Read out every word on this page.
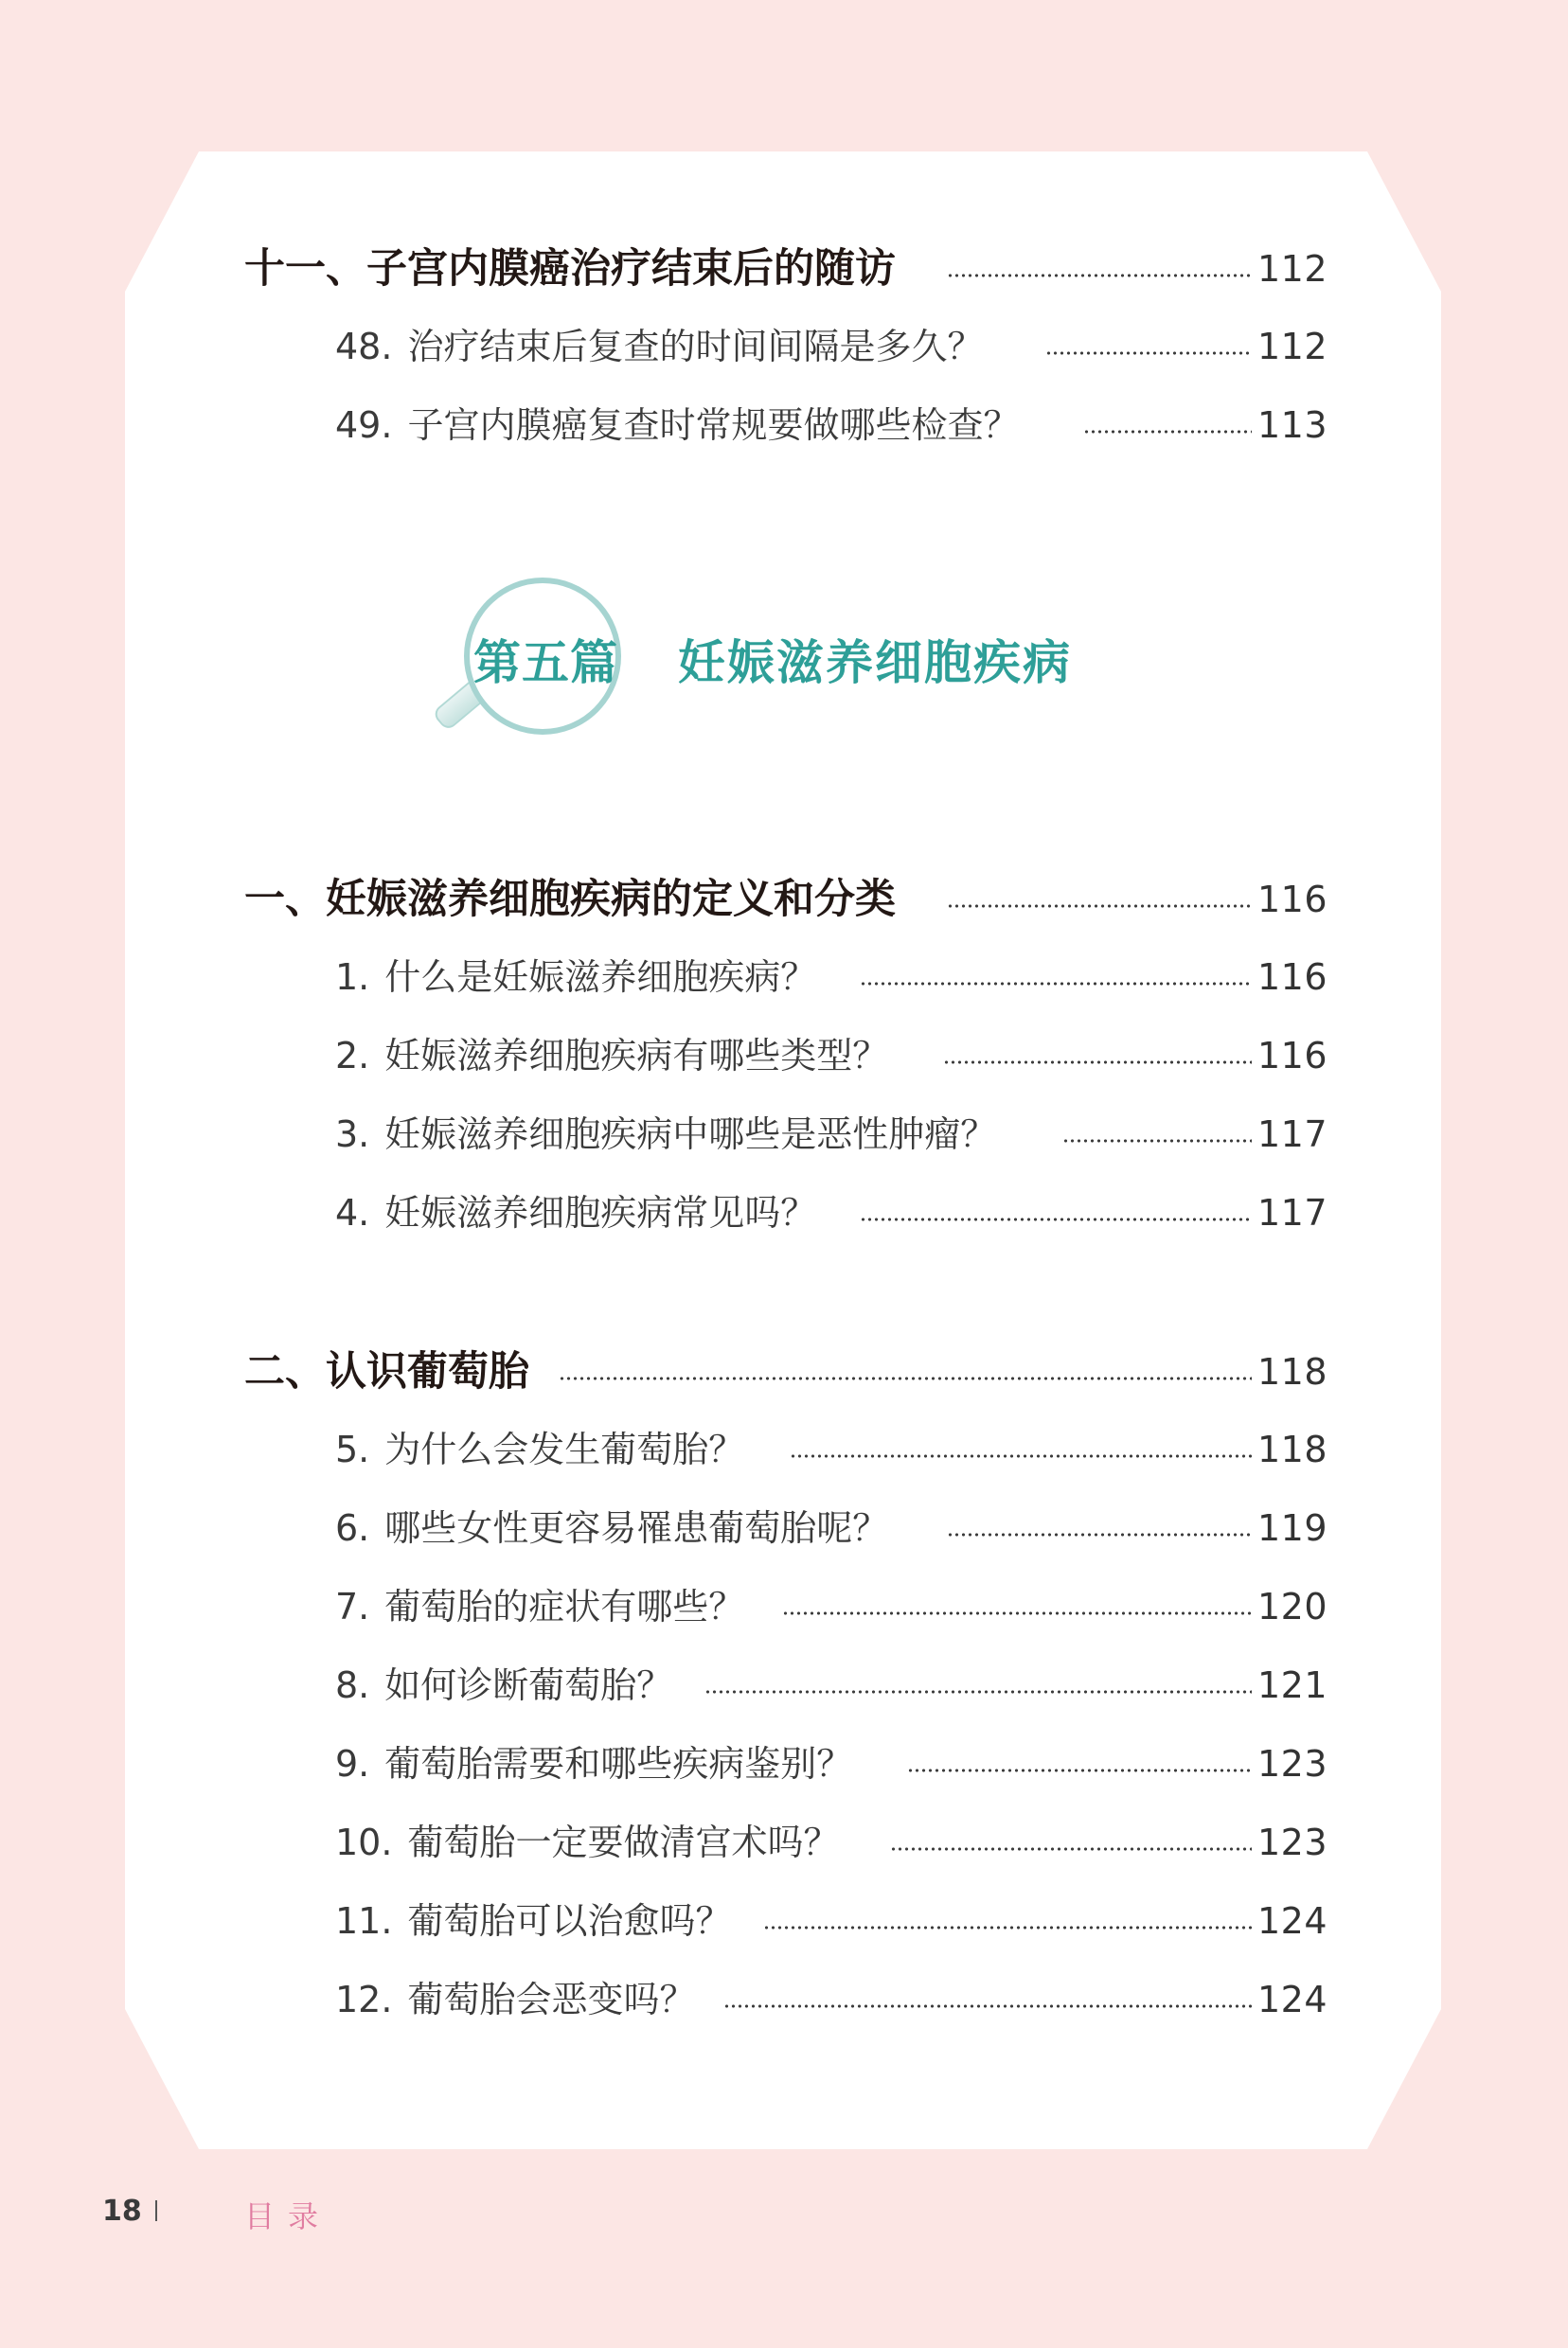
十一、子宫内膜癌治疗结束后的随访	112
48. 治疗结束后复查的时间间隔是多久？	112
49. 子宫内膜癌复查时常规要做哪些检查？	113
第五篇 妊娠滋养细胞疾病
一、妊娠滋养细胞疾病的定义和分类	116
1. 什么是妊娠滋养细胞疾病？	116
2. 妊娠滋养细胞疾病有哪些类型？	116
3. 妊娠滋养细胞疾病中哪些是恶性肿瘤？	117
4. 妊娠滋养细胞疾病常见吗？	117
二、认识葡萄胎	118
5. 为什么会发生葡萄胎？	118
6. 哪些女性更容易罹患葡萄胎呢？	119
7. 葡萄胎的症状有哪些？	120
8. 如何诊断葡萄胎？	121
9. 葡萄胎需要和哪些疾病鉴别？	123
10. 葡萄胎一定要做清宫术吗？	123
11. 葡萄胎可以治愈吗？	124
12. 葡萄胎会恶变吗？	124
18	目录
